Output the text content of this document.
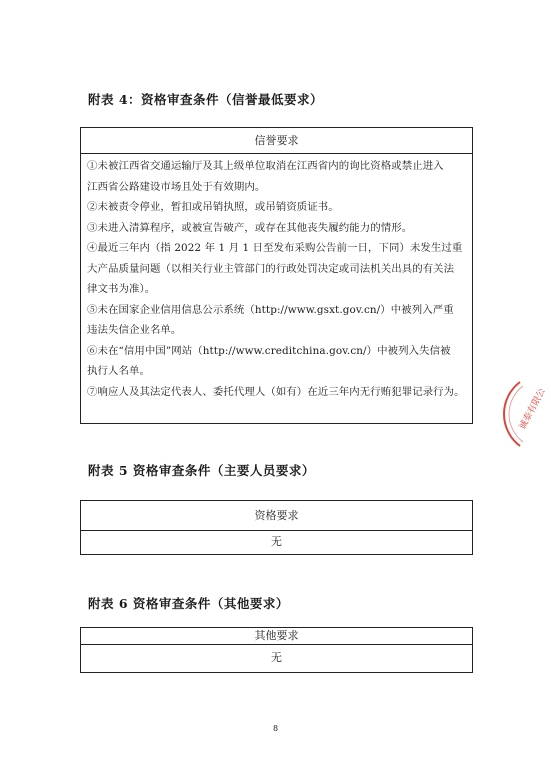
附表 4：资格审查条件（信誉最低要求）
信誉要求

①未被江西省交通运输厅及其上级单位取消在江西省内的询比资格或禁止进入

江西省公路建设市场且处于有效期内。

②未被责令停业，暂扣或吊销执照，或吊销资质证书。

③未进入清算程序，或被宣告破产，或存在其他丧失履约能力的情形。

④最近三年内（指 2022 年 1 月 1 日至发布采购公告前一日，下同）未发生过重

大产品质量问题（以相关行业主管部门的行政处罚决定或司法机关出具的有关法

律文书为准）。

⑤未在国家企业信用信息公示系统（http://www.gsxt.gov.cn/）中被列入严重

违法失信企业名单。

⑥未在“信用中国”网站（http://www.creditchina.gov.cn/）中被列入失信被

执行人名单。

⑦响应人及其法定代表人、委托代理人（如有）在近三年内无行贿犯罪记录行为。

附表 5 资格审查条件（主要人员要求）
资格要求
无
附表 6 资格审查条件（其他要求）
其他要求
无
8
诚泰有限公
